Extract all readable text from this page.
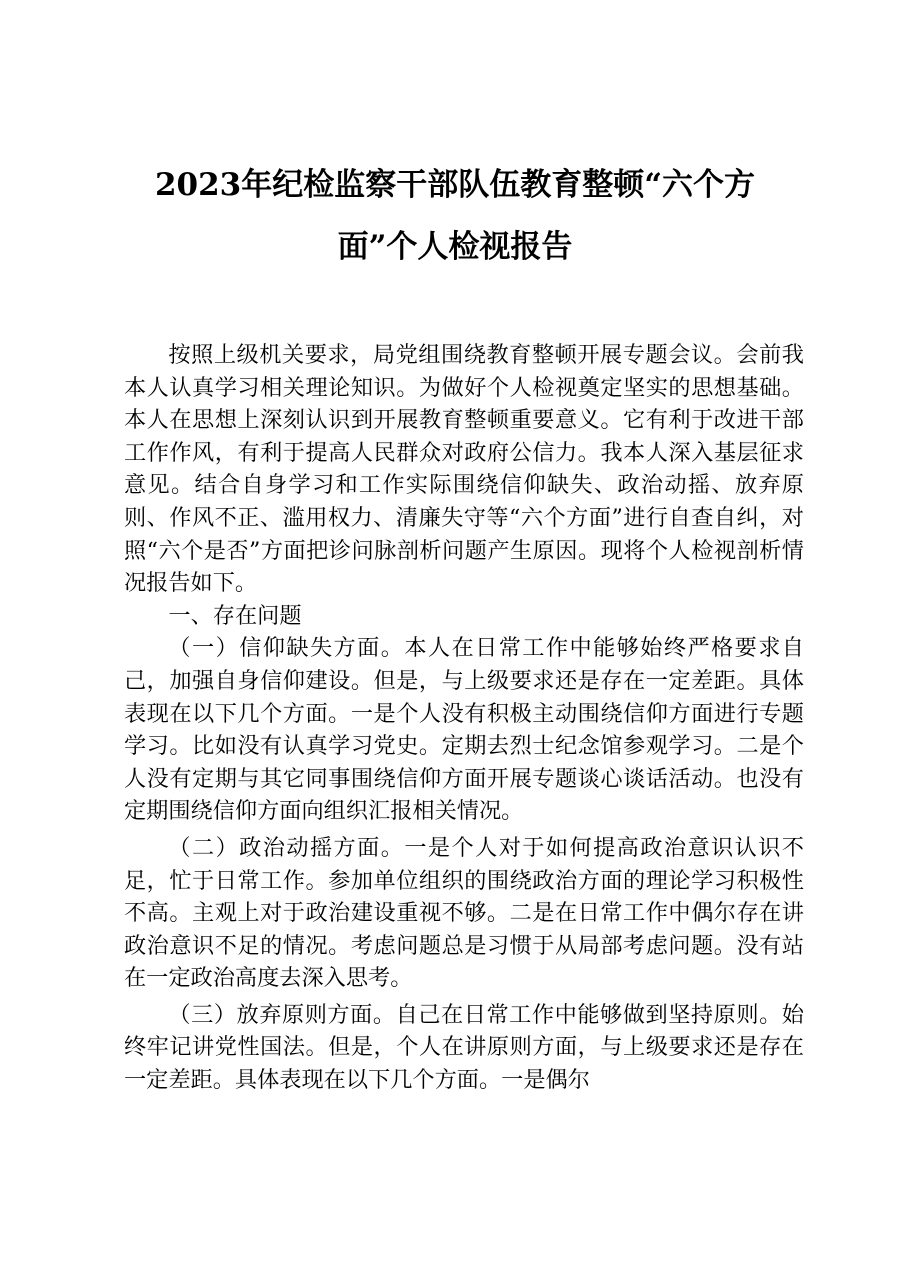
2023年纪检监察干部队伍教育整顿“六个方
面”个人检视报告

按照上级机关要求，局党组围绕教育整顿开展专题会议。会前我本人认真学习相关理论知识。为做好个人检视奠定坚实的思想基础。本人在思想上深刻认识到开展教育整顿重要意义。它有利于改进干部工作作风，有利于提高人民群众对政府公信力。我本人深入基层征求意见。结合自身学习和工作实际围绕信仰缺失、政治动摇、放弃原则、作风不正、滥用权力、清廉失守等“六个方面”进行自查自纠，对照“六个是否”方面把诊问脉剖析问题产生原因。现将个人检视剖析情况报告如下。

一、存在问题

（一）信仰缺失方面。本人在日常工作中能够始终严格要求自己，加强自身信仰建设。但是，与上级要求还是存在一定差距。具体表现在以下几个方面。一是个人没有积极主动围绕信仰方面进行专题学习。比如没有认真学习党史。定期去烈士纪念馆参观学习。二是个人没有定期与其它同事围绕信仰方面开展专题谈心谈话活动。也没有定期围绕信仰方面向组织汇报相关情况。

（二）政治动摇方面。一是个人对于如何提高政治意识认识不足，忙于日常工作。参加单位组织的围绕政治方面的理论学习积极性不高。主观上对于政治建设重视不够。二是在日常工作中偶尔存在讲政治意识不足的情况。考虑问题总是习惯于从局部考虑问题。没有站在一定政治高度去深入思考。

（三）放弃原则方面。自己在日常工作中能够做到坚持原则。始终牢记讲党性国法。但是，个人在讲原则方面，与上级要求还是存在一定差距。具体表现在以下几个方面。一是偶尔
